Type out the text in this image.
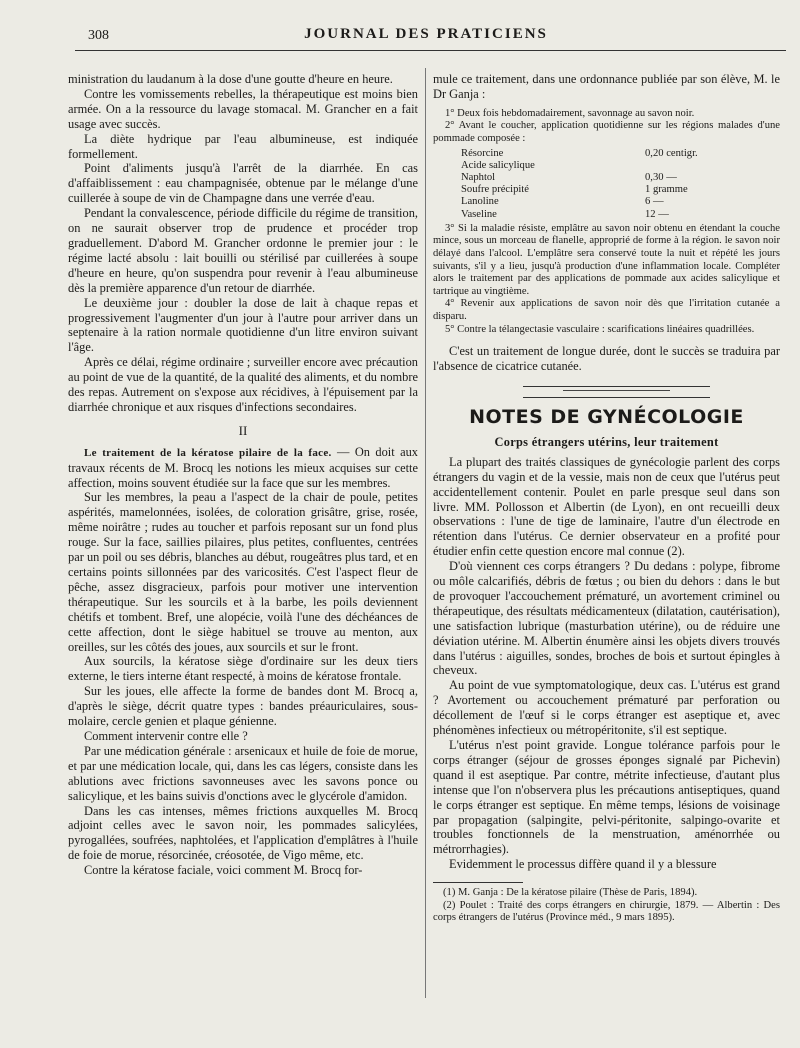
308	JOURNAL DES PRATICIENS

ministration du laudanum à la dose d'une goutte d'heure en heure.

Contre les vomissements rebelles, la thérapeutique est moins bien armée. On a la ressource du lavage stomacal. M. Grancher en a fait usage avec succès.

La diète hydrique par l'eau albumineuse, est indiquée formellement.

Point d'aliments jusqu'à l'arrêt de la diarrhée. En cas d'affaiblissement : eau champagnisée, obtenue par le mélange d'une cuillerée à soupe de vin de Champagne dans une verrée d'eau.

Pendant la convalescence, période difficile du régime de transition, on ne saurait observer trop de prudence et procéder trop graduellement. D'abord M. Grancher ordonne le premier jour : le régime lacté absolu : lait bouilli ou stérilisé par cuillerées à soupe d'heure en heure, qu'on suspendra pour revenir à l'eau albumineuse dès la première apparence d'un retour de diarrhée.

Le deuxième jour : doubler la dose de lait à chaque repas et progressivement l'augmenter d'un jour à l'autre pour arriver dans un septenaire à la ration normale quotidienne d'un litre environ suivant l'âge.

Après ce délai, régime ordinaire ; surveiller encore avec précaution au point de vue de la quantité, de la qualité des aliments, et du nombre des repas. Autrement on s'expose aux récidives, à l'épuisement par la diarrhée chronique et aux risques d'infections secondaires.

II

Le traitement de la kératose pilaire de la face. — On doit aux travaux récents de M. Brocq les notions les mieux acquises sur cette affection, moins souvent étudiée sur la face que sur les membres.

Sur les membres, la peau a l'aspect de la chair de poule, petites aspérités, mamelonnées, isolées, de coloration grisâtre, grise, rosée, même noirâtre ; rudes au toucher et parfois reposant sur un fond plus rouge. Sur la face, saillies pilaires, plus petites, confluentes, centrées par un poil ou ses débris, blanches au début, rougeâtres plus tard, et en certains points sillonnées par des varicosités. C'est l'aspect fleur de pêche, assez disgracieux, parfois pour motiver une intervention thérapeutique. Sur les sourcils et à la barbe, les poils deviennent chétifs et tombent. Bref, une alopécie, voilà l'une des déchéances de cette affection, dont le siège habituel se trouve au menton, aux oreilles, sur les côtés des joues, aux sourcils et sur le front.

Aux sourcils, la kératose siège d'ordinaire sur les deux tiers externe, le tiers interne étant respecté, à moins de kératose frontale.

Sur les joues, elle affecte la forme de bandes dont M. Brocq a, d'après le siège, décrit quatre types : bandes préauriculaires, sous-molaire, cercle genien et plaque génienne.

Comment intervenir contre elle ?

Par une médication générale : arsenicaux et huile de foie de morue, et par une médication locale, qui, dans les cas légers, consiste dans les ablutions avec frictions savonneuses avec les savons ponce ou salicylique, et les bains suivis d'onctions avec le glycérole d'amidon.

Dans les cas intenses, mêmes frictions auxquelles M. Brocq adjoint celles avec le savon noir, les pommades salicylées, pyrogallées, soufrées, naphtolées, et l'application d'emplâtres à l'huile de foie de morue, résorcinée, créosotée, de Vigo même, etc.

Contre la kératose faciale, voici comment M. Brocq for-

mule ce traitement, dans une ordonnance publiée par son élève, M. le Dr Ganja :

1° Deux fois hebdomadairement, savonnage au savon noir.

2° Avant le coucher, application quotidienne sur les régions malades d'une pommade composée :

Résorcine	0,20 centigr.
Acide salicylique	
Naphtol	0,30 —
Soufre précipité	1 gramme
Lanoline	6 —
Vaseline	12 —

3° Si la maladie résiste, emplâtre au savon noir obtenu en étendant la couche mince, sous un morceau de flanelle, approprié de forme à la région. le savon noir délayé dans l'alcool. L'emplâtre sera conservé toute la nuit et répété les jours suivants, s'il y a lieu, jusqu'à production d'une inflammation locale. Compléter alors le traitement par des applications de pommade aux acides salicylique et tartrique au vingtième.

4° Revenir aux applications de savon noir dès que l'irritation cutanée a disparu.

5° Contre la télangectasie vasculaire : scarifications linéaires quadrillées.

C'est un traitement de longue durée, dont le succès se traduira par l'absence de cicatrice cutanée.

NOTES DE GYNÉCOLOGIE
Corps étrangers utérins, leur traitement

La plupart des traités classiques de gynécologie parlent des corps étrangers du vagin et de la vessie, mais non de ceux que l'utérus peut accidentellement contenir. Poulet en parle presque seul dans son livre. MM. Pollosson et Albertin (de Lyon), en ont recueilli deux observations : l'une de tige de laminaire, l'autre d'un électrode en rétention dans l'utérus. Ce dernier observateur en a profité pour étudier enfin cette question encore mal connue (2).

D'où viennent ces corps étrangers ? Du dedans : polype, fibrome ou môle calcarifiés, débris de fœtus ; ou bien du dehors : dans le but de provoquer l'accouchement prématuré, un avortement criminel ou thérapeutique, des résultats médicamenteux (dilatation, cautérisation), une satisfaction lubrique (masturbation utérine), ou de réduire une déviation utérine. M. Albertin énumère ainsi les objets divers trouvés dans l'utérus : aiguilles, sondes, broches de bois et surtout épingles à cheveux.

Au point de vue symptomatologique, deux cas. L'utérus est grand ? Avortement ou accouchement prématuré par perforation ou décollement de l'œuf si le corps étranger est aseptique et, avec phénomènes infectieux ou métropéritonite, s'il est septique.

L'utérus n'est point gravide. Longue tolérance parfois pour le corps étranger (séjour de grosses éponges signalé par Pichevin) quand il est aseptique. Par contre, métrite infectieuse, d'autant plus intense que l'on n'observera plus les précautions antiseptiques, quand le corps étranger est septique. En même temps, lésions de voisinage par propagation (salpingite, pelvi-péritonite, salpingo-ovarite et troubles fonctionnels de la menstruation, aménorrhée ou métrorrhagies).

Evidemment le processus diffère quand il y a blessure

(1) M. Ganja : De la kératose pilaire (Thèse de Paris, 1894).

(2) Poulet : Traité des corps étrangers en chirurgie, 1879. — Albertin : Des corps étrangers de l'utérus (Province méd., 9 mars 1895).
